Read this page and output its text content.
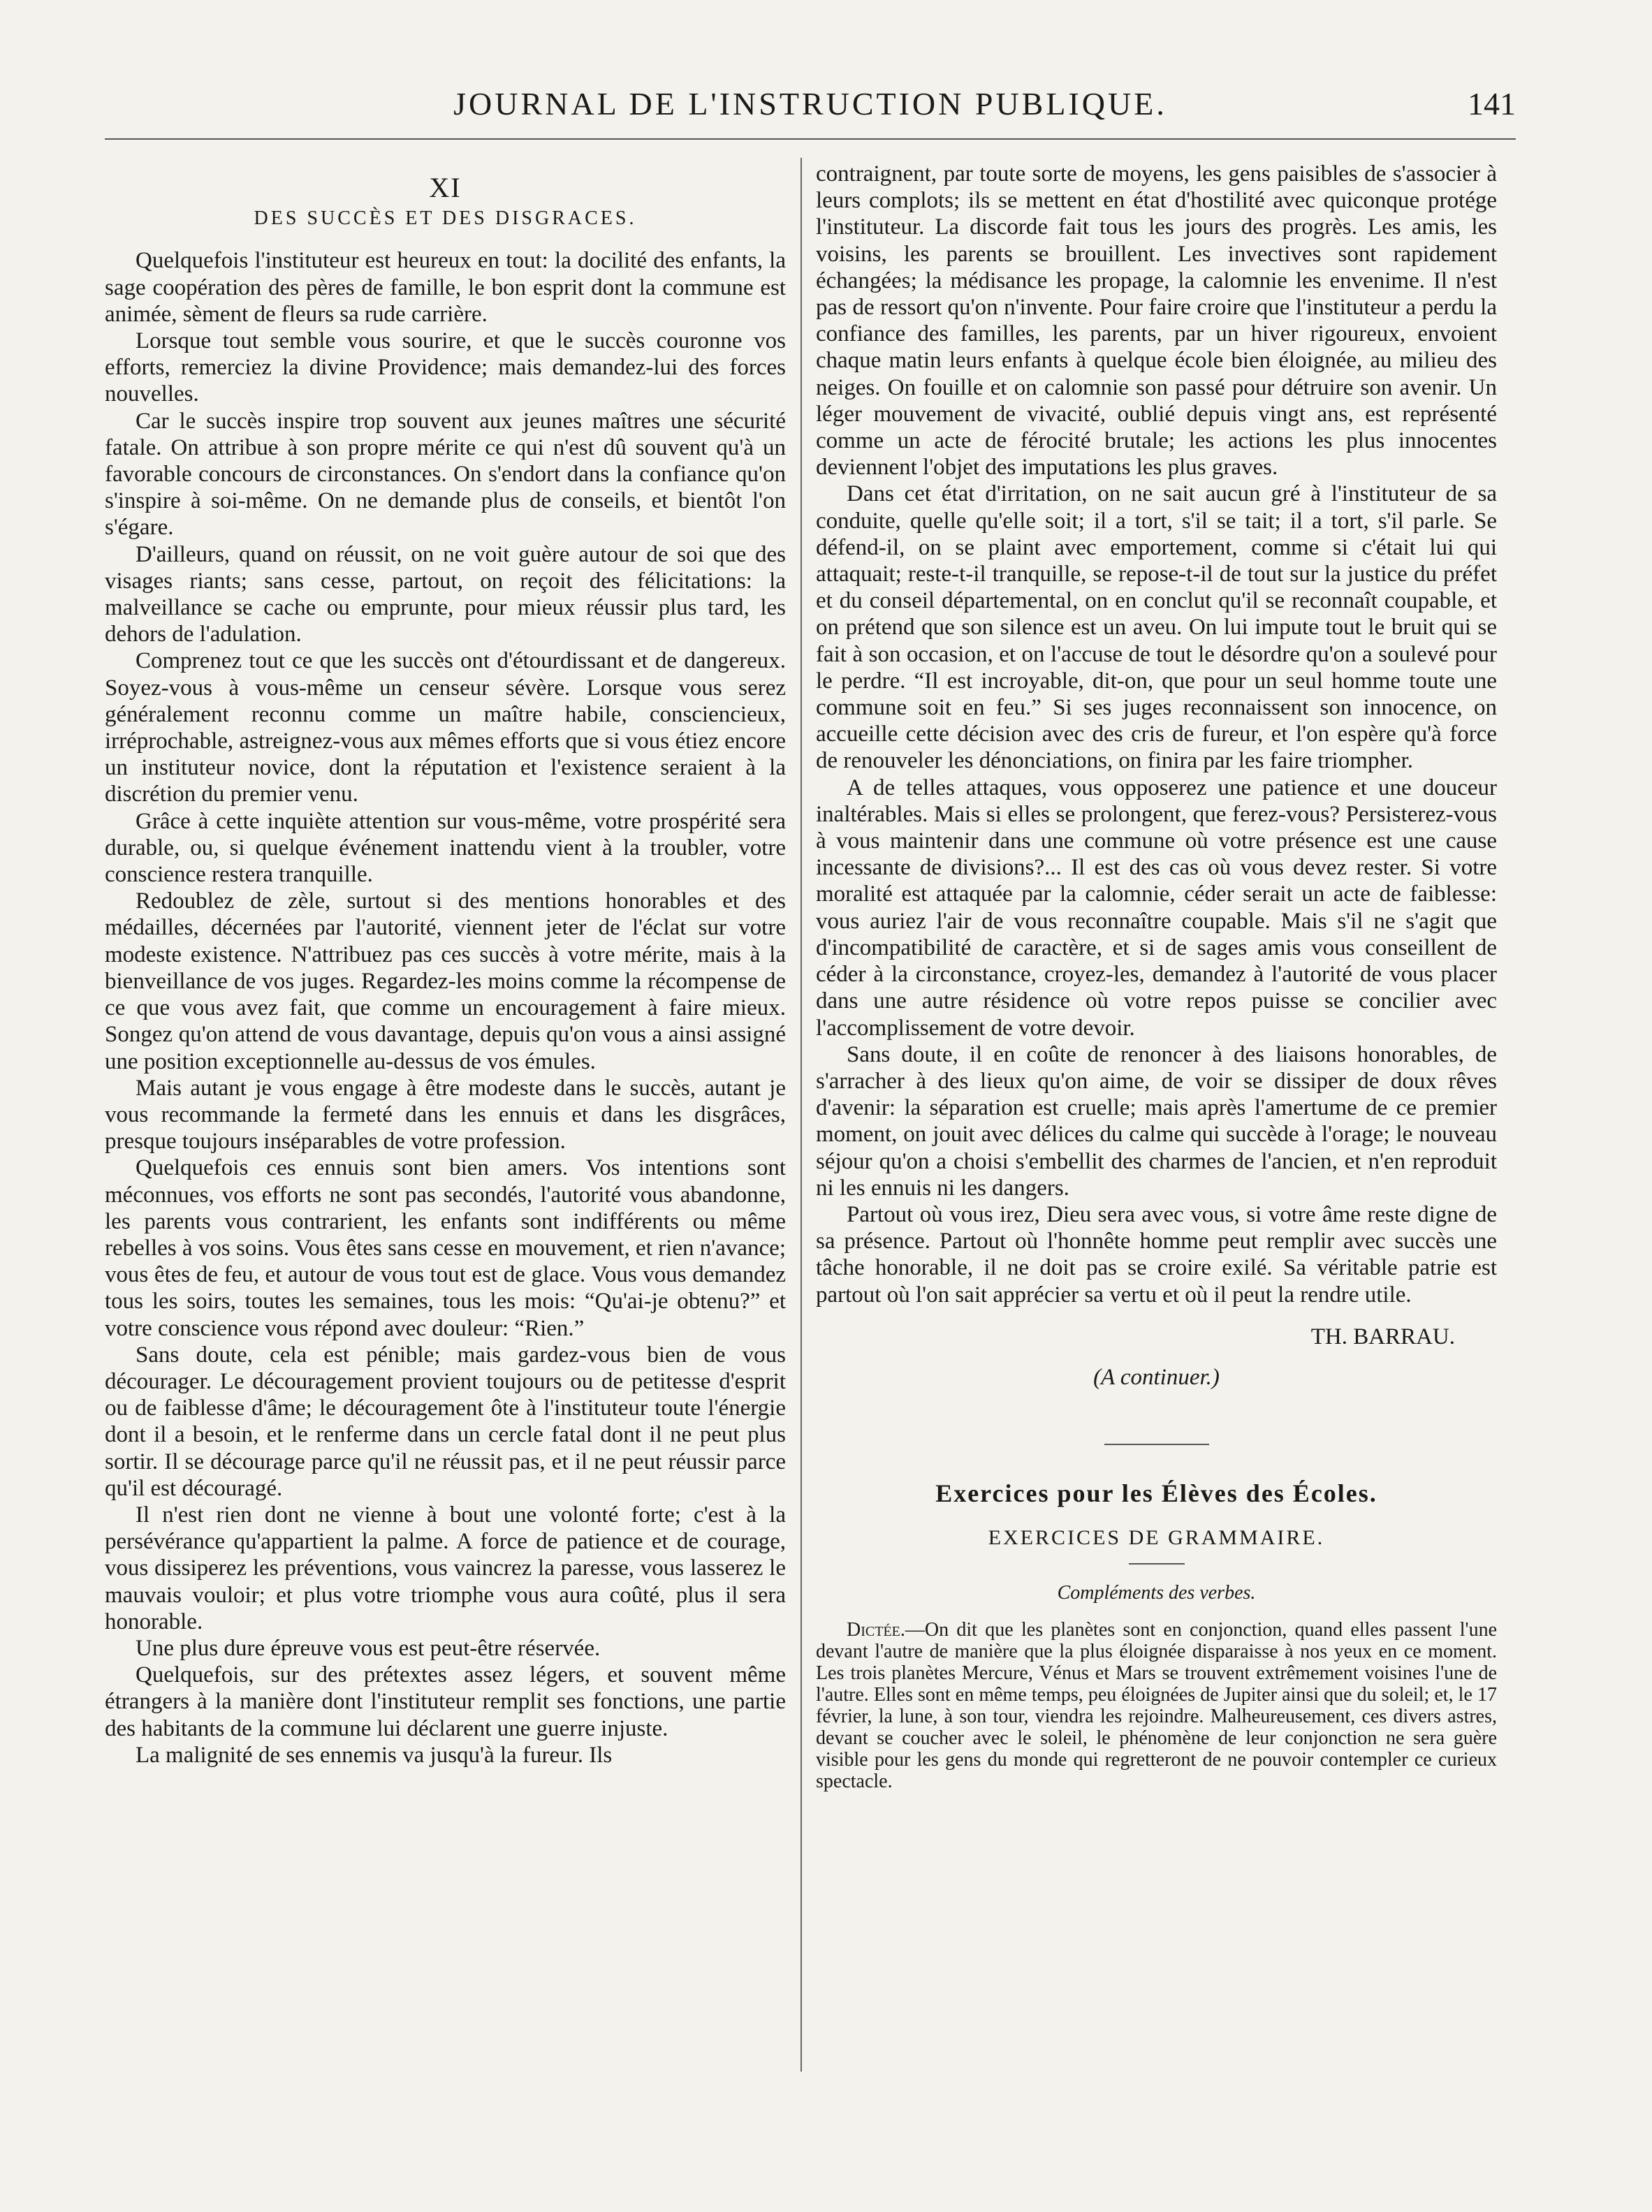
JOURNAL DE L'INSTRUCTION PUBLIQUE.	141
XI
DES SUCCÈS ET DES DISGRACES.

Quelquefois l'instituteur est heureux en tout: la docilité des enfants, la sage coopération des pères de famille, le bon esprit dont la commune est animée, sèment de fleurs sa rude carrière.

Lorsque tout semble vous sourire, et que le succès couronne vos efforts, remerciez la divine Providence; mais demandez-lui des forces nouvelles.

Car le succès inspire trop souvent aux jeunes maîtres une sécurité fatale. On attribue à son propre mérite ce qui n'est dû souvent qu'à un favorable concours de circonstances. On s'endort dans la confiance qu'on s'inspire à soi-même. On ne demande plus de conseils, et bientôt l'on s'égare.

D'ailleurs, quand on réussit, on ne voit guère autour de soi que des visages riants; sans cesse, partout, on reçoit des félicitations: la malveillance se cache ou emprunte, pour mieux réussir plus tard, les dehors de l'adulation.

Comprenez tout ce que les succès ont d'étourdissant et de dangereux. Soyez-vous à vous-même un censeur sévère. Lorsque vous serez généralement reconnu comme un maître habile, consciencieux, irréprochable, astreignez-vous aux mêmes efforts que si vous étiez encore un instituteur novice, dont la réputation et l'existence seraient à la discrétion du premier venu.

Grâce à cette inquiète attention sur vous-même, votre prospérité sera durable, ou, si quelque événement inattendu vient à la troubler, votre conscience restera tranquille.

Redoublez de zèle, surtout si des mentions honorables et des médailles, décernées par l'autorité, viennent jeter de l'éclat sur votre modeste existence. N'attribuez pas ces succès à votre mérite, mais à la bienveillance de vos juges. Regardez-les moins comme la récompense de ce que vous avez fait, que comme un encouragement à faire mieux. Songez qu'on attend de vous davantage, depuis qu'on vous a ainsi assigné une position exceptionnelle au-dessus de vos émules.

Mais autant je vous engage à être modeste dans le succès, autant je vous recommande la fermeté dans les ennuis et dans les disgrâces, presque toujours inséparables de votre profession.

Quelquefois ces ennuis sont bien amers. Vos intentions sont méconnues, vos efforts ne sont pas secondés, l'autorité vous abandonne, les parents vous contrarient, les enfants sont indifférents ou même rebelles à vos soins. Vous êtes sans cesse en mouvement, et rien n'avance; vous êtes de feu, et autour de vous tout est de glace. Vous vous demandez tous les soirs, toutes les semaines, tous les mois: “Qu'ai-je obtenu?” et votre conscience vous répond avec douleur: “Rien.”

Sans doute, cela est pénible; mais gardez-vous bien de vous décourager. Le découragement provient toujours ou de petitesse d'esprit ou de faiblesse d'âme; le découragement ôte à l'instituteur toute l'énergie dont il a besoin, et le renferme dans un cercle fatal dont il ne peut plus sortir. Il se décourage parce qu'il ne réussit pas, et il ne peut réussir parce qu'il est découragé.

Il n'est rien dont ne vienne à bout une volonté forte; c'est à la persévérance qu'appartient la palme. A force de patience et de courage, vous dissiperez les préventions, vous vaincrez la paresse, vous lasserez le mauvais vouloir; et plus votre triomphe vous aura coûté, plus il sera honorable.

Une plus dure épreuve vous est peut-être réservée.

Quelquefois, sur des prétextes assez légers, et souvent même étrangers à la manière dont l'instituteur remplit ses fonctions, une partie des habitants de la commune lui déclarent une guerre injuste.

La malignité de ses ennemis va jusqu'à la fureur. Ils

contraignent, par toute sorte de moyens, les gens paisibles de s'associer à leurs complots; ils se mettent en état d'hostilité avec quiconque protége l'instituteur. La discorde fait tous les jours des progrès. Les amis, les voisins, les parents se brouillent. Les invectives sont rapidement échangées; la médisance les propage, la calomnie les envenime. Il n'est pas de ressort qu'on n'invente. Pour faire croire que l'instituteur a perdu la confiance des familles, les parents, par un hiver rigoureux, envoient chaque matin leurs enfants à quelque école bien éloignée, au milieu des neiges. On fouille et on calomnie son passé pour détruire son avenir. Un léger mouvement de vivacité, oublié depuis vingt ans, est représenté comme un acte de férocité brutale; les actions les plus innocentes deviennent l'objet des imputations les plus graves.

Dans cet état d'irritation, on ne sait aucun gré à l'instituteur de sa conduite, quelle qu'elle soit; il a tort, s'il se tait; il a tort, s'il parle. Se défend-il, on se plaint avec emportement, comme si c'était lui qui attaquait; reste-t-il tranquille, se repose-t-il de tout sur la justice du préfet et du conseil départemental, on en conclut qu'il se reconnaît coupable, et on prétend que son silence est un aveu. On lui impute tout le bruit qui se fait à son occasion, et on l'accuse de tout le désordre qu'on a soulevé pour le perdre. “Il est incroyable, dit-on, que pour un seul homme toute une commune soit en feu.” Si ses juges reconnaissent son innocence, on accueille cette décision avec des cris de fureur, et l'on espère qu'à force de renouveler les dénonciations, on finira par les faire triompher.

A de telles attaques, vous opposerez une patience et une douceur inaltérables. Mais si elles se prolongent, que ferez-vous? Persisterez-vous à vous maintenir dans une commune où votre présence est une cause incessante de divisions?... Il est des cas où vous devez rester. Si votre moralité est attaquée par la calomnie, céder serait un acte de faiblesse: vous auriez l'air de vous reconnaître coupable. Mais s'il ne s'agit que d'incompatibilité de caractère, et si de sages amis vous conseillent de céder à la circonstance, croyez-les, demandez à l'autorité de vous placer dans une autre résidence où votre repos puisse se concilier avec l'accomplissement de votre devoir.

Sans doute, il en coûte de renoncer à des liaisons honorables, de s'arracher à des lieux qu'on aime, de voir se dissiper de doux rêves d'avenir: la séparation est cruelle; mais après l'amertume de ce premier moment, on jouit avec délices du calme qui succède à l'orage; le nouveau séjour qu'on a choisi s'embellit des charmes de l'ancien, et n'en reproduit ni les ennuis ni les dangers.

Partout où vous irez, Dieu sera avec vous, si votre âme reste digne de sa présence. Partout où l'honnête homme peut remplir avec succès une tâche honorable, il ne doit pas se croire exilé. Sa véritable patrie est partout où l'on sait apprécier sa vertu et où il peut la rendre utile.

TH. BARRAU.
(A continuer.)
Exercices pour les Élèves des Écoles.
EXERCICES DE GRAMMAIRE.
Compléments des verbes.

Dictée.—On dit que les planètes sont en conjonction, quand elles passent l'une devant l'autre de manière que la plus éloignée disparaisse à nos yeux en ce moment. Les trois planètes Mercure, Vénus et Mars se trouvent extrêmement voisines l'une de l'autre. Elles sont en même temps, peu éloignées de Jupiter ainsi que du soleil; et, le 17 février, la lune, à son tour, viendra les rejoindre. Malheureusement, ces divers astres, devant se coucher avec le soleil, le phénomène de leur conjonction ne sera guère visible pour les gens du monde qui regretteront de ne pouvoir contempler ce curieux spectacle.
